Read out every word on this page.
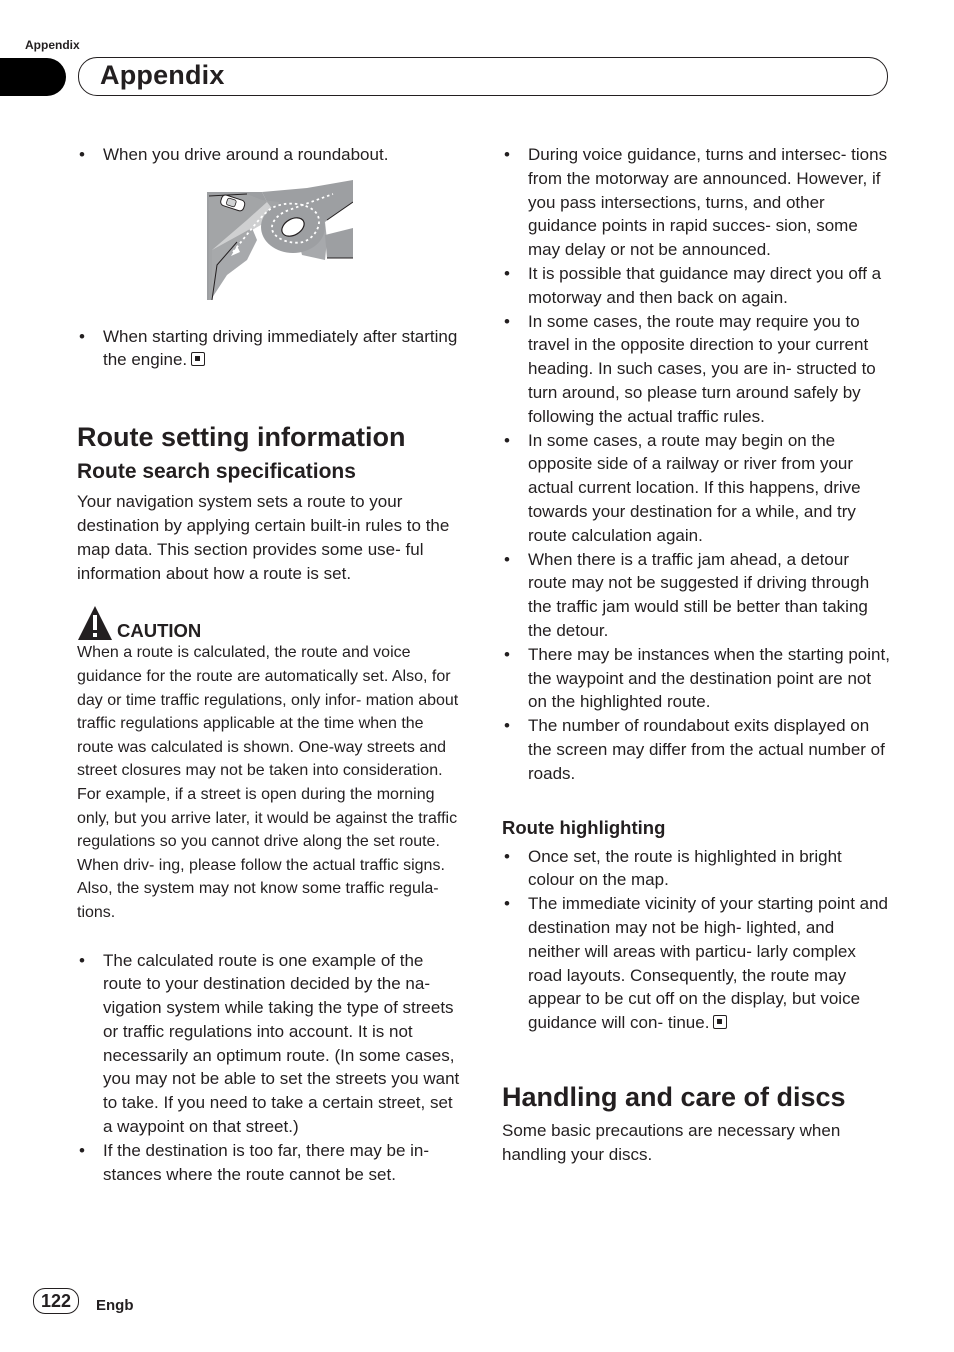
Appendix
Appendix
• When you drive around a roundabout.
• When starting driving immediately after starting the engine.
Route setting information
Route search specifications

Your navigation system sets a route to your destination by applying certain built-in rules to the map data. This section provides some use- ful information about how a route is set.

CAUTION

When a route is calculated, the route and voice guidance for the route are automatically set. Also, for day or time traffic regulations, only infor- mation about traffic regulations applicable at the time when the route was calculated is shown. One-way streets and street closures may not be taken into consideration. For example, if a street is open during the morning only, but you arrive later, it would be against the traffic regulations so you cannot drive along the set route. When driv- ing, please follow the actual traffic signs. Also, the system may not know some traffic regula- tions.

• The calculated route is one example of the route to your destination decided by the na- vigation system while taking the type of streets or traffic regulations into account. It is not necessarily an optimum route. (In some cases, you may not be able to set the streets you want to take. If you need to take a certain street, set a waypoint on that street.)
• If the destination is too far, there may be in- stances where the route cannot be set.
• During voice guidance, turns and intersec- tions from the motorway are announced. However, if you pass intersections, turns, and other guidance points in rapid succes- sion, some may delay or not be announced.
• It is possible that guidance may direct you off a motorway and then back on again.
• In some cases, the route may require you to travel in the opposite direction to your current heading. In such cases, you are in- structed to turn around, so please turn around safely by following the actual traffic rules.
• In some cases, a route may begin on the opposite side of a railway or river from your actual current location. If this happens, drive towards your destination for a while, and try route calculation again.
• When there is a traffic jam ahead, a detour route may not be suggested if driving through the traffic jam would still be better than taking the detour.
• There may be instances when the starting point, the waypoint and the destination point are not on the highlighted route.
• The number of roundabout exits displayed on the screen may differ from the actual number of roads.
Route highlighting
• Once set, the route is highlighted in bright colour on the map.
• The immediate vicinity of your starting point and destination may not be high- lighted, and neither will areas with particu- larly complex road layouts. Consequently, the route may appear to be cut off on the display, but voice guidance will con- tinue.
Handling and care of discs

Some basic precautions are necessary when handling your discs.

122	Engb
